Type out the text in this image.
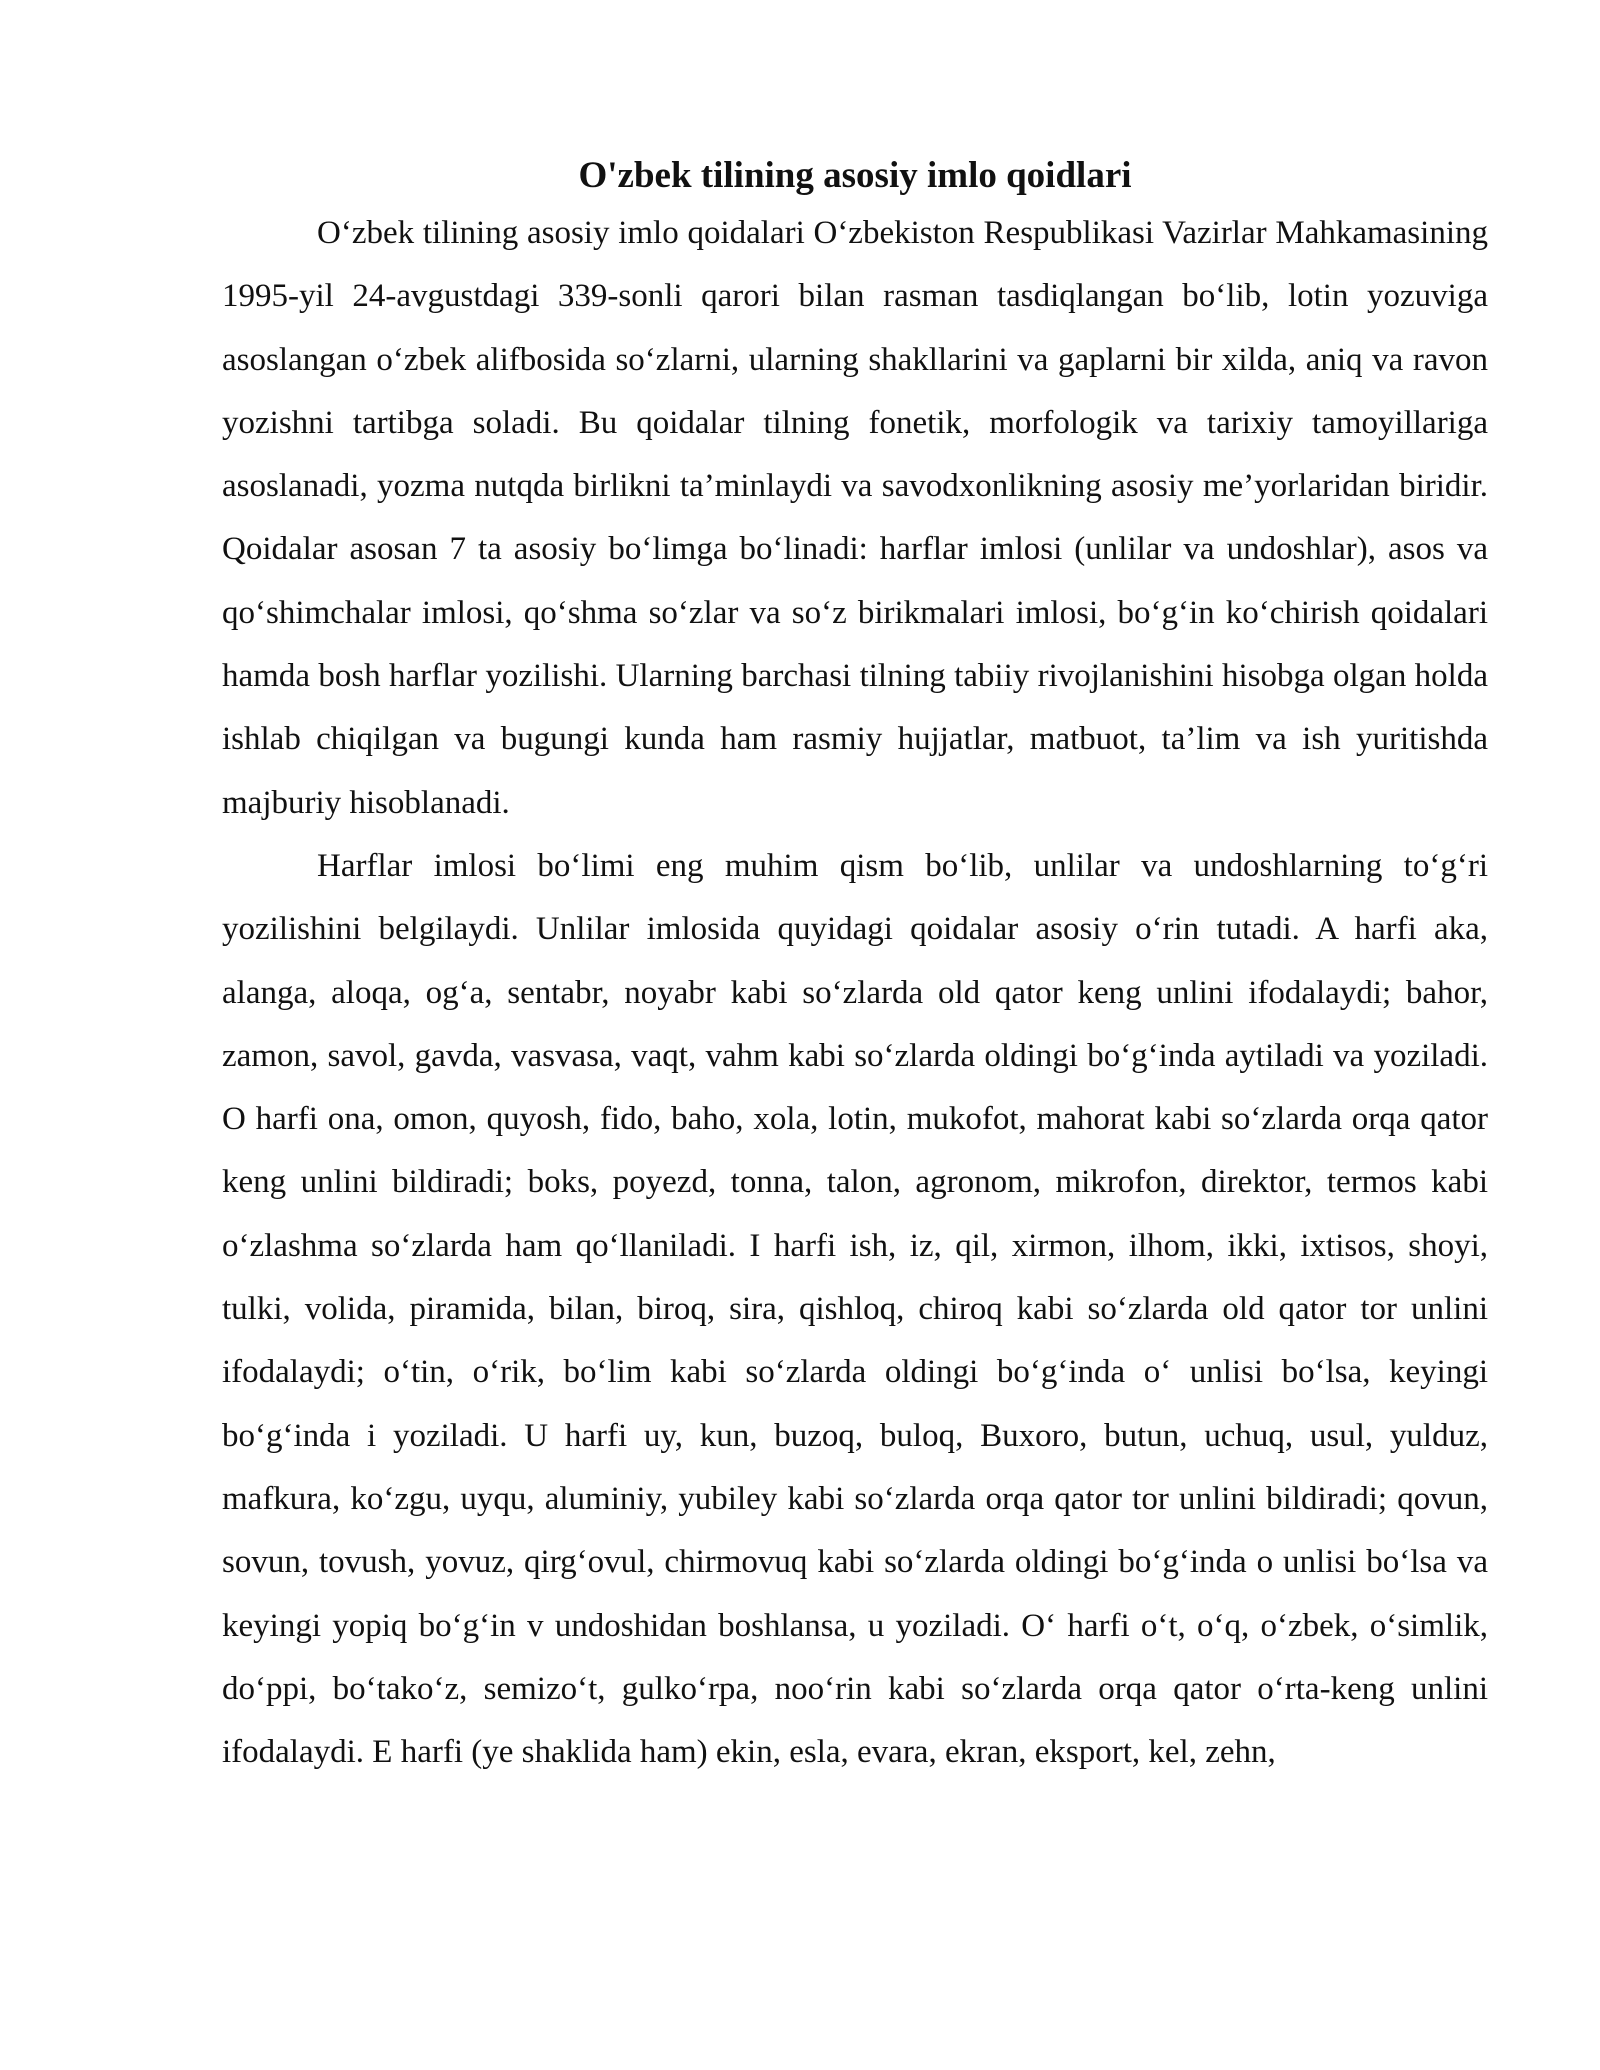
O'zbek tilining asosiy imlo qoidlari

O‘zbek tilining asosiy imlo qoidalari O‘zbekiston Respublikasi Vazirlar Mahkamasining 1995-yil 24-avgustdagi 339-sonli qarori bilan rasman tasdiqlangan bo‘lib, lotin yozuviga asoslangan o‘zbek alifbosida so‘zlarni, ularning shakllarini va gaplarni bir xilda, aniq va ravon yozishni tartibga soladi. Bu qoidalar tilning fonetik, morfologik va tarixiy tamoyillariga asoslanadi, yozma nutqda birlikni ta’minlaydi va savodxonlikning asosiy me’yorlaridan biridir. Qoidalar asosan 7 ta asosiy bo‘limga bo‘linadi: harflar imlosi (unlilar va undoshlar), asos va qo‘shimchalar imlosi, qo‘shma so‘zlar va so‘z birikmalari imlosi, bo‘g‘in ko‘chirish qoidalari hamda bosh harflar yozilishi. Ularning barchasi tilning tabiiy rivojlanishini hisobga olgan holda ishlab chiqilgan va bugungi kunda ham rasmiy hujjatlar, matbuot, ta’lim va ish yuritishda majburiy hisoblanadi.

Harflar imlosi bo‘limi eng muhim qism bo‘lib, unlilar va undoshlarning to‘g‘ri yozilishini belgilaydi. Unlilar imlosida quyidagi qoidalar asosiy o‘rin tutadi. A harfi aka, alanga, aloqa, og‘a, sentabr, noyabr kabi so‘zlarda old qator keng unlini ifodalaydi; bahor, zamon, savol, gavda, vasvasa, vaqt, vahm kabi so‘zlarda oldingi bo‘g‘inda aytiladi va yoziladi. O harfi ona, omon, quyosh, fido, baho, xola, lotin, mukofot, mahorat kabi so‘zlarda orqa qator keng unlini bildiradi; boks, poyezd, tonna, talon, agronom, mikrofon, direktor, termos kabi o‘zlashma so‘zlarda ham qo‘llaniladi. I harfi ish, iz, qil, xirmon, ilhom, ikki, ixtisos, shoyi, tulki, volida, piramida, bilan, biroq, sira, qishloq, chiroq kabi so‘zlarda old qator tor unlini ifodalaydi; o‘tin, o‘rik, bo‘lim kabi so‘zlarda oldingi bo‘g‘inda o‘ unlisi bo‘lsa, keyingi bo‘g‘inda i yoziladi. U harfi uy, kun, buzoq, buloq, Buxoro, butun, uchuq, usul, yulduz, mafkura, ko‘zgu, uyqu, aluminiy, yubiley kabi so‘zlarda orqa qator tor unlini bildiradi; qovun, sovun, tovush, yovuz, qirg‘ovul, chirmovuq kabi so‘zlarda oldingi bo‘g‘inda o unlisi bo‘lsa va keyingi yopiq bo‘g‘in v undoshidan boshlansa, u yoziladi. O‘ harfi o‘t, o‘q, o‘zbek, o‘simlik, do‘ppi, bo‘tako‘z, semizo‘t, gulko‘rpa, noo‘rin kabi so‘zlarda orqa qator o‘rta-keng unlini ifodalaydi. E harfi (ye shaklida ham) ekin, esla, evara, ekran, eksport, kel, zehn,
